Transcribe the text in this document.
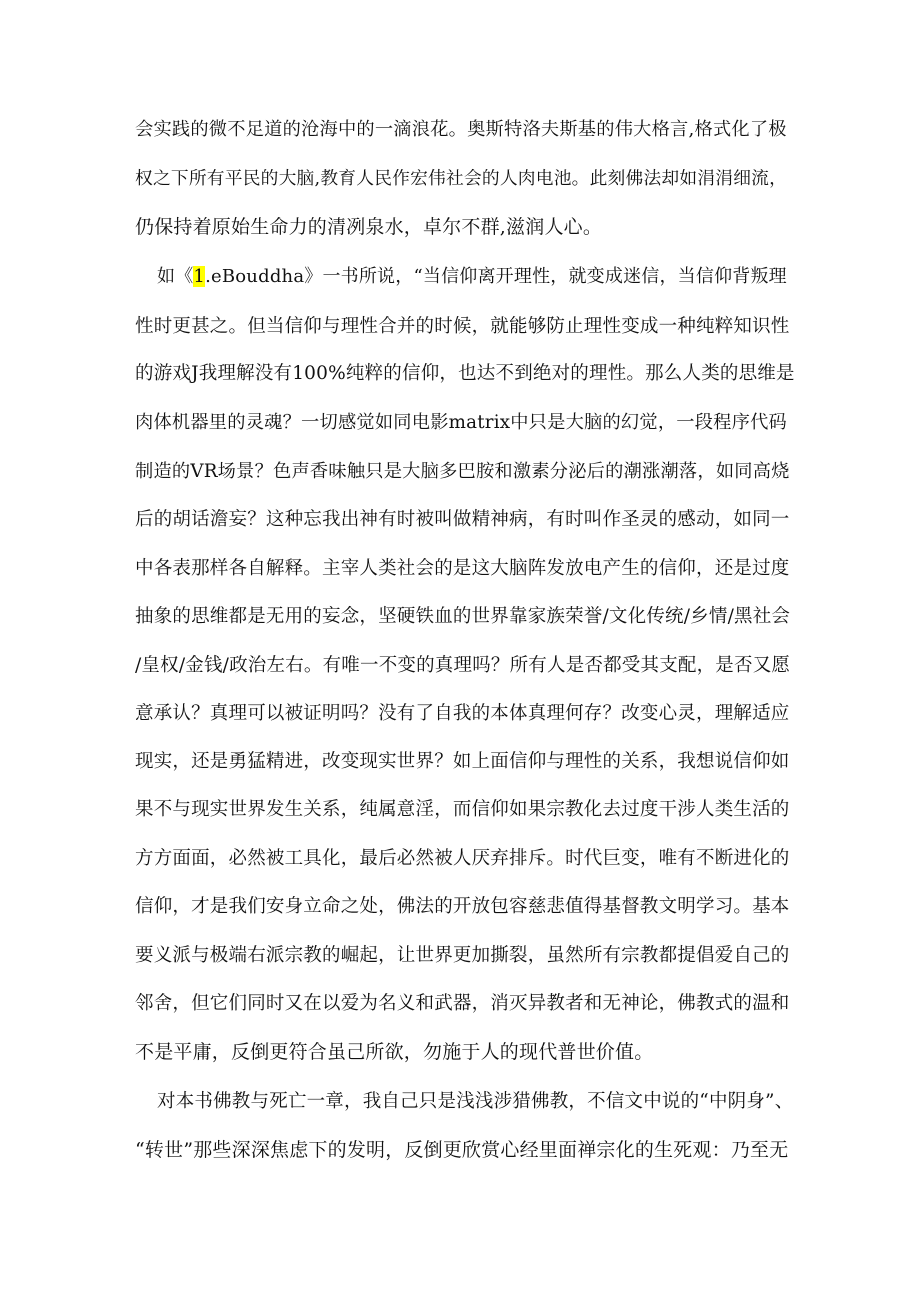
会实践的微不足道的沧海中的一滴浪花。奥斯特洛夫斯基的伟大格言,格式化了极
权之下所有平民的大脑,教育人民作宏伟社会的人肉电池。此刻佛法却如涓涓细流，
仍保持着原始生命力的清冽泉水，卓尔不群,滋润人心。
如《1.eBouddha》一书所说，“当信仰离开理性，就变成迷信，当信仰背叛理
性时更甚之。但当信仰与理性合并的时候，就能够防止理性变成一种纯粹知识性
的游戏J我理解没有100%纯粹的信仰，也达不到绝对的理性。那么人类的思维是
肉体机器里的灵魂？一切感觉如同电影matrix中只是大脑的幻觉，一段程序代码
制造的VR场景？色声香味触只是大脑多巴胺和激素分泌后的潮涨潮落，如同高烧
后的胡话澹妄？这种忘我出神有时被叫做精神病，有时叫作圣灵的感动，如同一
中各表那样各自解释。主宰人类社会的是这大脑阵发放电产生的信仰，还是过度
抽象的思维都是无用的妄念，坚硬铁血的世界靠家族荣誉/文化传统/乡情/黑社会
/皇权/金钱/政治左右。有唯一不变的真理吗？所有人是否都受其支配，是否又愿
意承认？真理可以被证明吗？没有了自我的本体真理何存？改变心灵，理解适应
现实，还是勇猛精进，改变现实世界？如上面信仰与理性的关系，我想说信仰如
果不与现实世界发生关系，纯属意淫，而信仰如果宗教化去过度干涉人类生活的
方方面面，必然被工具化，最后必然被人厌弃排斥。时代巨变，唯有不断进化的
信仰，才是我们安身立命之处，佛法的开放包容慈悲值得基督教文明学习。基本
要义派与极端右派宗教的崛起，让世界更加撕裂，虽然所有宗教都提倡爱自己的
邻舍，但它们同时又在以爱为名义和武器，消灭异教者和无神论，佛教式的温和
不是平庸，反倒更符合虽己所欲，勿施于人的现代普世价值。
对本书佛教与死亡一章，我自己只是浅浅涉猎佛教，不信文中说的“中阴身”、
“转世”那些深深焦虑下的发明，反倒更欣赏心经里面禅宗化的生死观：乃至无
